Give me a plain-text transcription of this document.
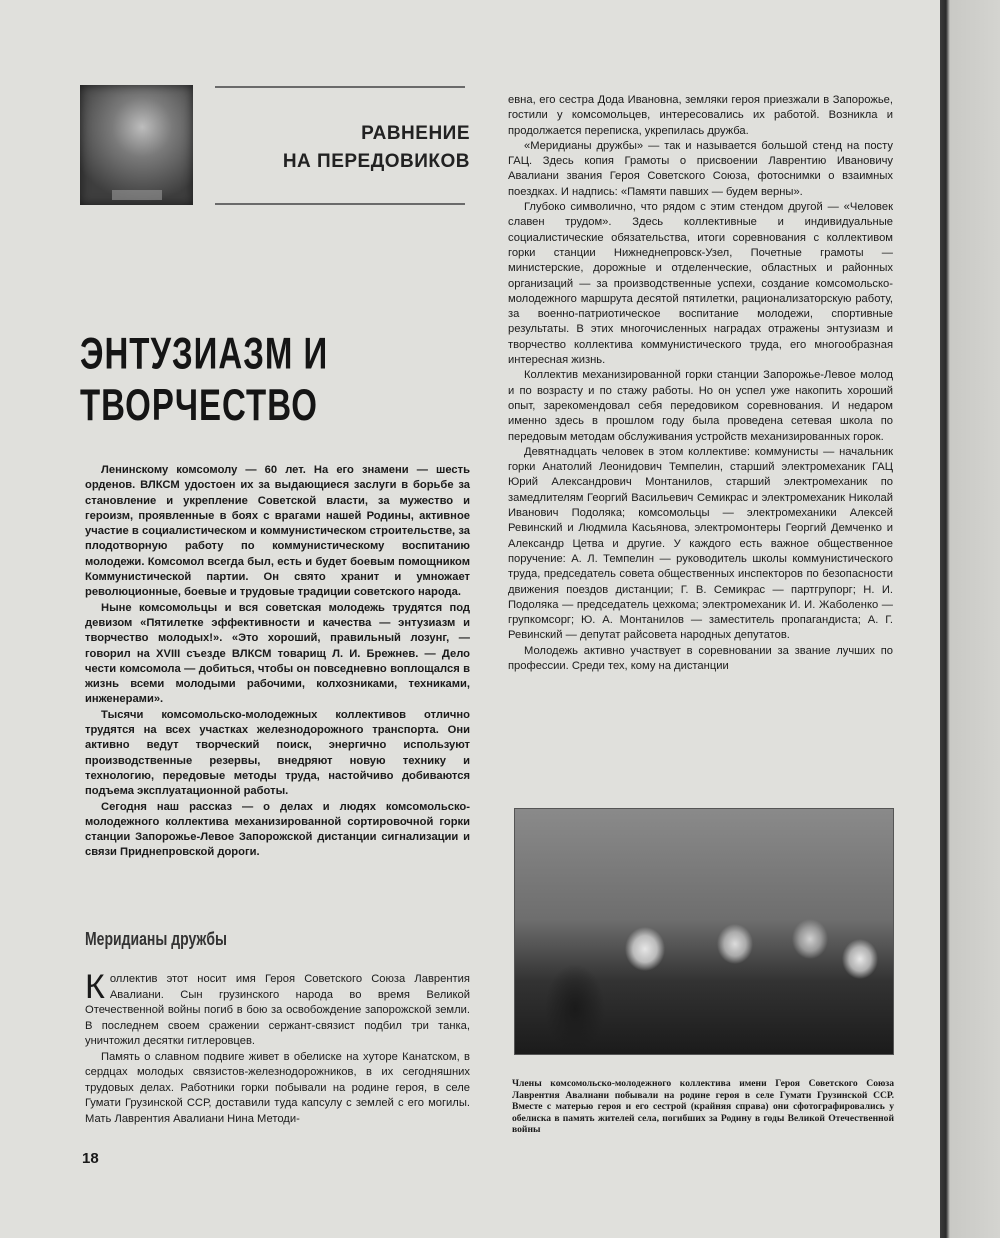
РАВНЕНИЕ
НА ПЕРЕДОВИКОВ
ЭНТУЗИАЗМ И ТВОРЧЕСТВО

Ленинскому комсомолу — 60 лет. На его знамени — шесть орденов. ВЛКСМ удостоен их за выдающиеся заслуги в борьбе за становление и укрепление Советской власти, за мужество и героизм, проявленные в боях с врагами нашей Родины, активное участие в социалистическом и коммунистическом строительстве, за плодотворную работу по коммунистическому воспитанию молодежи. Комсомол всегда был, есть и будет боевым помощником Коммунистической партии. Он свято хранит и умножает революционные, боевые и трудовые традиции советского народа.

Ныне комсомольцы и вся советская молодежь трудятся под девизом «Пятилетке эффективности и качества — энтузиазм и творчество молодых!». «Это хороший, правильный лозунг, — говорил на XVIII съезде ВЛКСМ товарищ Л. И. Брежнев. — Дело чести комсомола — добиться, чтобы он повседневно воплощался в жизнь всеми молодыми рабочими, колхозниками, техниками, инженерами».

Тысячи комсомольско-молодежных коллективов отлично трудятся на всех участках железнодорожного транспорта. Они активно ведут творческий поиск, энергично используют производственные резервы, внедряют новую технику и технологию, передовые методы труда, настойчиво добиваются подъема эксплуатационной работы.

Сегодня наш рассказ — о делах и людях комсомольско-молодежного коллектива механизированной сортировочной горки станции Запорожье-Левое Запорожской дистанции сигнализации и связи Приднепровской дороги.

Меридианы дружбы

Коллектив этот носит имя Героя Советского Союза Лаврентия Авалиани. Сын грузинского народа во время Великой Отечественной войны погиб в бою за освобождение запорожской земли. В последнем своем сражении сержант-связист подбил три танка, уничтожил десятки гитлеровцев.

Память о славном подвиге живет в обелиске на хуторе Канатском, в сердцах молодых связистов-железнодорожников, в их сегодняшних трудовых делах. Работники горки побывали на родине героя, в селе Гумати Грузинской ССР, доставили туда капсулу с землей с его могилы. Мать Лаврентия Авалиани Нина Методи-

евна, его сестра Дода Ивановна, земляки героя приезжали в Запорожье, гостили у комсомольцев, интересовались их работой. Возникла и продолжается переписка, укрепилась дружба.

«Меридианы дружбы» — так и называется большой стенд на посту ГАЦ. Здесь копия Грамоты о присвоении Лаврентию Ивановичу Авалиани звания Героя Советского Союза, фотоснимки о взаимных поездках. И надпись: «Памяти павших — будем верны».

Глубоко символично, что рядом с этим стендом другой — «Человек славен трудом». Здесь коллективные и индивидуальные социалистические обязательства, итоги соревнования с коллективом горки станции Нижнеднепровск-Узел, Почетные грамоты — министерские, дорожные и отделенческие, областных и районных организаций — за производственные успехи, создание комсомольско-молодежного маршрута десятой пятилетки, рационализаторскую работу, за военно-патриотическое воспитание молодежи, спортивные результаты. В этих многочисленных наградах отражены энтузиазм и творчество коллектива коммунистического труда, его многообразная интересная жизнь.

Коллектив механизированной горки станции Запорожье-Левое молод и по возрасту и по стажу работы. Но он успел уже накопить хороший опыт, зарекомендовал себя передовиком соревнования. И недаром именно здесь в прошлом году была проведена сетевая школа по передовым методам обслуживания устройств механизированных горок.

Девятнадцать человек в этом коллективе: коммунисты — начальник горки Анатолий Леонидович Темпелин, старший электромеханик ГАЦ Юрий Александрович Монтанилов, старший электромеханик по замедлителям Георгий Васильевич Семикрас и электромеханик Николай Иванович Подоляка; комсомольцы — электромеханики Алексей Ревинский и Людмила Касьянова, электромонтеры Георгий Демченко и Александр Цетва и другие. У каждого есть важное общественное поручение: А. Л. Темпелин — руководитель школы коммунистического труда, председатель совета общественных инспекторов по безопасности движения поездов дистанции; Г. В. Семикрас — партгрупорг; Н. И. Подоляка — председатель цехкома; электромеханик И. И. Жаболенко — групкомсорг; Ю. А. Монтанилов — заместитель пропагандиста; А. Г. Ревинский — депутат райсовета народных депутатов.

Молодежь активно участвует в соревновании за звание лучших по профессии. Среди тех, кому на дистанции

Члены комсомольско-молодежного коллектива имени Героя Советского Союза Лаврентия Авалиани побывали на родине героя в селе Гумати Грузинской ССР. Вместе с матерью героя и его сестрой (крайняя справа) они сфотографировались у обелиска в память жителей села, погибших за Родину в годы Великой Отечественной войны
18
